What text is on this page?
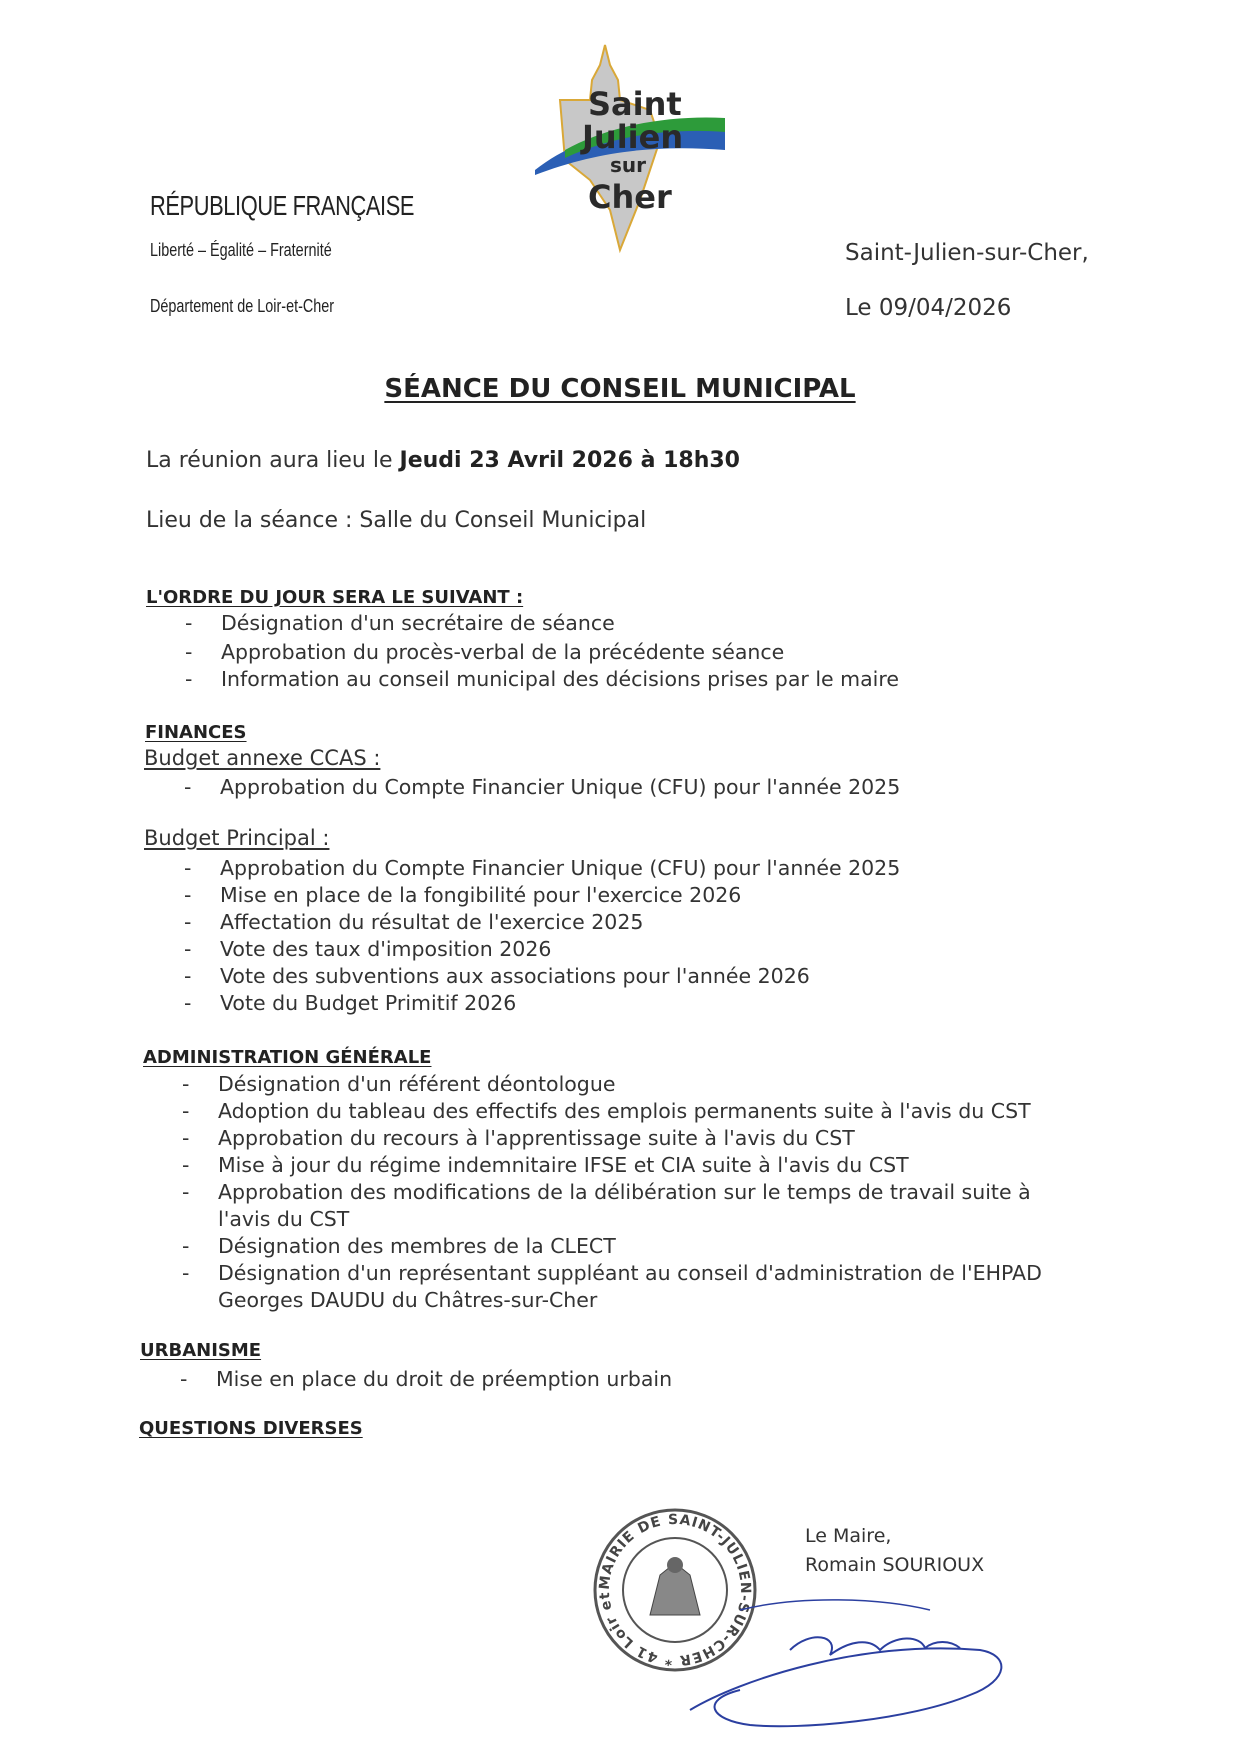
Saint
Julien
sur
Cher
RÉPUBLIQUE FRANÇAISE
Liberté – Égalité – Fraternité
Département de Loir-et-Cher
Saint-Julien-sur-Cher,
Le 09/04/2026
SÉANCE DU CONSEIL MUNICIPAL
La réunion aura lieu le Jeudi 23 Avril 2026 à 18h30
Lieu de la séance : Salle du Conseil Municipal
L'ORDRE DU JOUR SERA LE SUIVANT :
- Désignation d'un secrétaire de séance
- Approbation du procès-verbal de la précédente séance
- Information au conseil municipal des décisions prises par le maire
FINANCES
Budget annexe CCAS :
- Approbation du Compte Financier Unique (CFU) pour l'année 2025
Budget Principal :
- Approbation du Compte Financier Unique (CFU) pour l'année 2025
- Mise en place de la fongibilité pour l'exercice 2026
- Affectation du résultat de l'exercice 2025
- Vote des taux d'imposition 2026
- Vote des subventions aux associations pour l'année 2026
- Vote du Budget Primitif 2026
ADMINISTRATION GÉNÉRALE
- Désignation d'un référent déontologue
- Adoption du tableau des effectifs des emplois permanents suite à l'avis du CST
- Approbation du recours à l'apprentissage suite à l'avis du CST
- Mise à jour du régime indemnitaire IFSE et CIA suite à l'avis du CST
- Approbation des modifications de la délibération sur le temps de travail suite à l'avis du CST
- Désignation des membres de la CLECT
- Désignation d'un représentant suppléant au conseil d'administration de l'EHPAD Georges DAUDU du Châtres-sur-Cher
URBANISME
- Mise en place du droit de préemption urbain
QUESTIONS DIVERSES
Le Maire,
Romain SOURIOUX
MAIRIE DE SAINT-JULIEN-SUR-CHER * 41 Loir et
